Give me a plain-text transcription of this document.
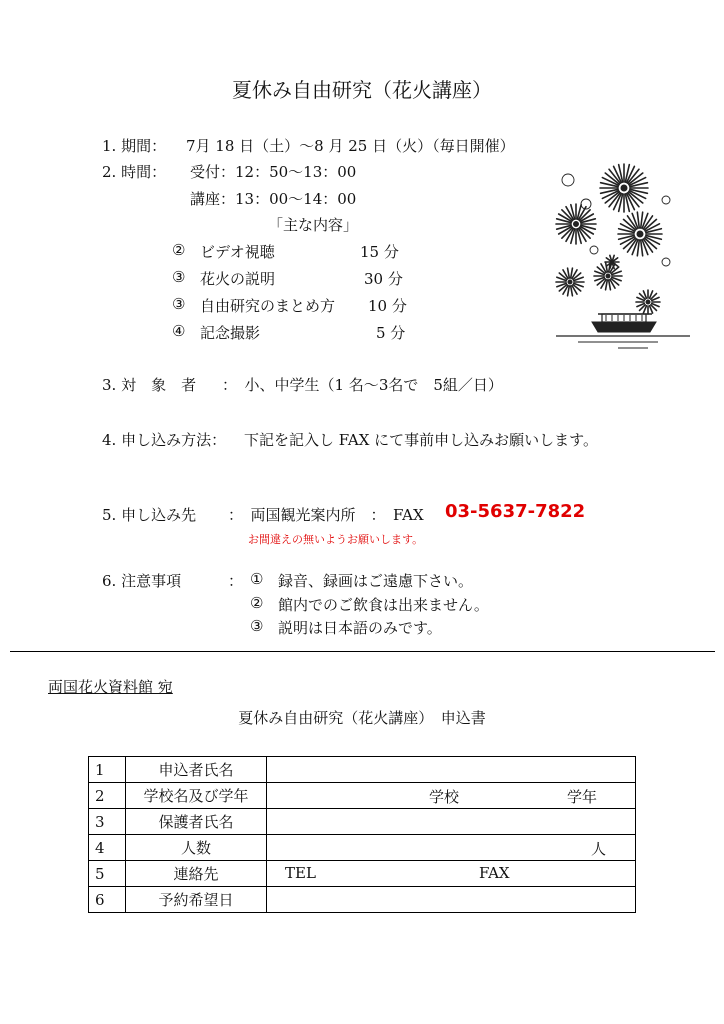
夏休み自由研究（花火講座）
1. 期間： 7月 18 日（土）～8 月 25 日（火）（毎日開催）
2. 時間： 受付：12：50～13：00
講座：13：00～14：00
「主な内容」
② ビデオ視聴	15 分
③ 花火の説明	30 分
③ 自由研究のまとめ方 10 分
④ 記念撮影	5 分
3. 対　象　者 ：　小、中学生（1 名～3名で　5組／日）
4. 申し込み方法： 下記を記入し FAX にて事前申し込みお願いします。
5. 申し込み先 ：　両国観光案内所　：　FAX 03-5637-7822
お間違えの無いようお願いします。
6. 注意事項	： ① 録音、録画はご遠慮下さい。
② 館内でのご飲食は出来ません。
③ 説明は日本語のみです。
両国花火資料館 宛
夏休み自由研究（花火講座）　申込書
1	申込者氏名	
2	学校名及び学年	学校 学年

3	保護者氏名	
4	人数	人

5	連絡先	TEL FAX

6	予約希望日	
